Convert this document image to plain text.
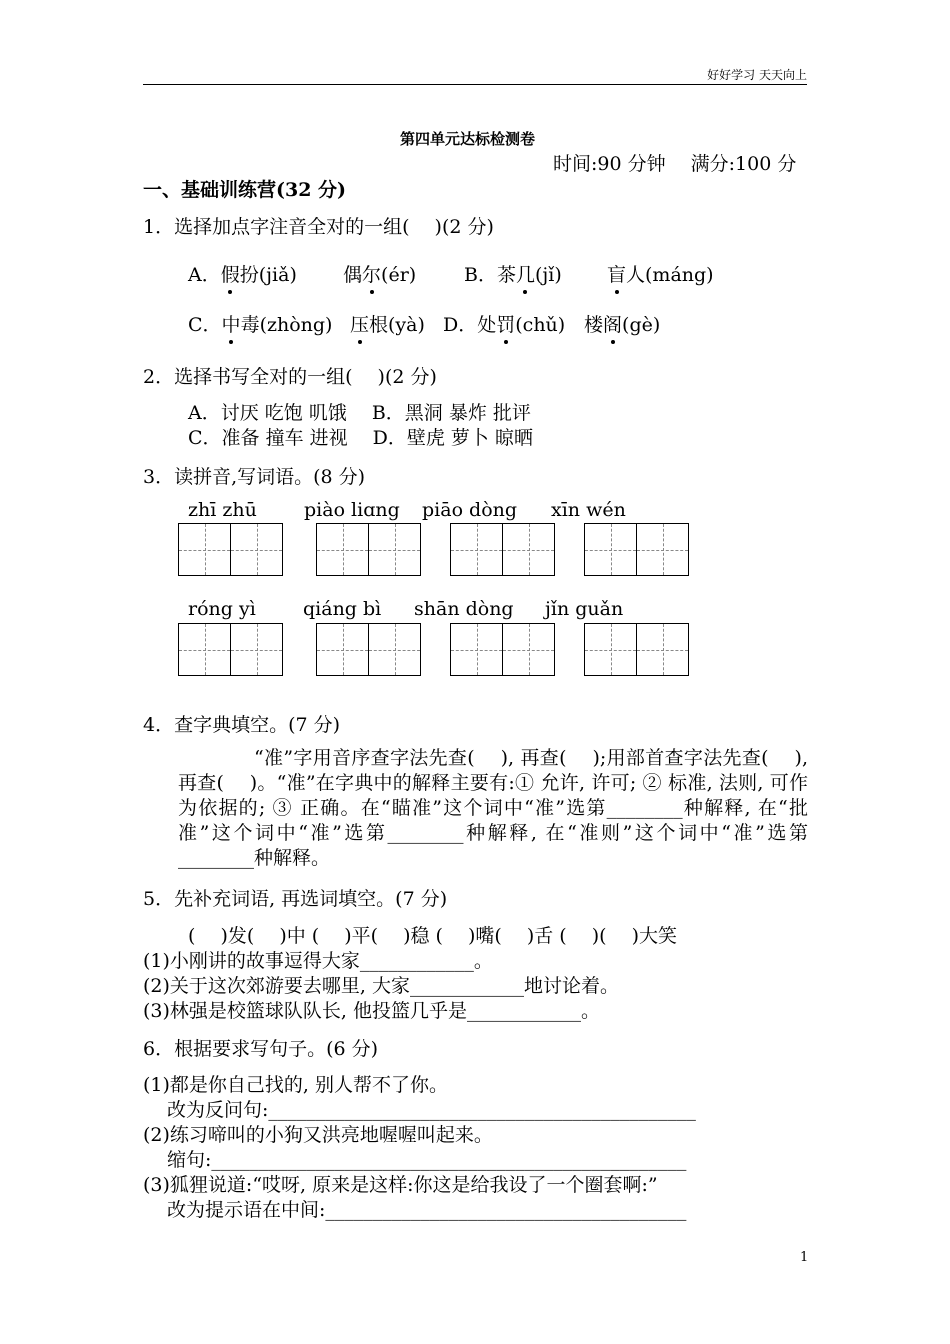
好好学习 天天向上
第四单元达标检测卷
时间:90 分钟　 满分:100 分
一、基础训练营(32 分)
1．选择加点字注音全对的一组(　 )(2 分)
A．假扮(jiǎ) 偶尔(ér)	B．茶几(jǐ) 盲人(máng)
C．中毒(zhòng) 压根(yà) D．处罚(chǔ) 楼阁(gè)
2．选择书写全对的一组(　 )(2 分)
A．讨厌 吃饱 叽饿　 B．黑洞 暴炸 批评
C．准备 撞车 进视　 D．壁虎 萝卜 晾晒
3．读拼音,写词语。(8 分)
zhī zhū piào liɑng piāo dòng xīn wén
róng yì qiáng bì shān dòng jǐn guǎn
4．查字典填空。(7 分)
“准”字用音序查字法先查(　 ), 再查(　 );用部首查字法先查(　 ), 再查(　 )。“准”在字典中的解释主要有:① 允许, 许可; ② 标准, 法则, 可作为依据的; ③ 正确。在“瞄准”这个词中“准”选第________种解释, 在“批准”这个词中“准”选第________种解释, 在“准则”这个词中“准”选第________种解释。
5．先补充词语, 再选词填空。(7 分)
(　 )发(　 )中 (　 )平(　 )稳 (　 )嘴(　 )舌 (　 )(　 )大笑
(1)小刚讲的故事逗得大家____________。
(2)关于这次郊游要去哪里, 大家____________地讨论着。
(3)林强是校篮球队队长, 他投篮几乎是____________。
6．根据要求写句子。(6 分)
(1)都是你自己找的, 别人帮不了你。
改为反问句:_____________________________________________
(2)练习啼叫的小狗又洪亮地喔喔叫起来。
缩句:__________________________________________________
(3)狐狸说道:“哎呀, 原来是这样:你这是给我设了一个圈套啊:”
改为提示语在中间:______________________________________
1
